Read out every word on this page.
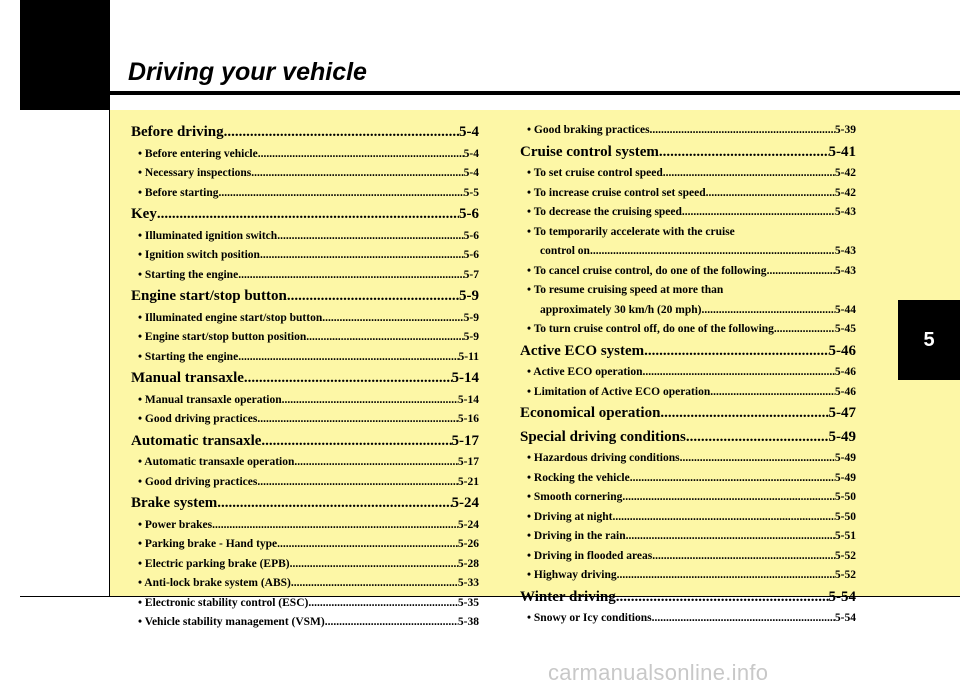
Driving your vehicle
5
Before driving .....	5-4
• Before entering vehicle .....	5-4
• Necessary inspections .....	5-4
• Before starting .....	5-5
Key .....	5-6
• Illuminated ignition switch .....	5-6
• Ignition switch position .....	5-6
• Starting the engine .....	5-7
Engine start/stop button .....	5-9
• Illuminated engine start/stop button .....	5-9
• Engine start/stop button position .....	5-9
• Starting the engine .....	5-11
Manual transaxle .....	5-14
• Manual transaxle operation .....	5-14
• Good driving practices .....	5-16
Automatic transaxle .....	5-17
• Automatic transaxle operation .....	5-17
• Good driving practices .....	5-21
Brake system .....	5-24
• Power brakes .....	5-24
• Parking brake - Hand type .....	5-26
• Electric parking brake (EPB) .....	5-28
• Anti-lock brake system (ABS) .....	5-33
• Electronic stability control (ESC) .....	5-35
• Vehicle stability management (VSM) .....	5-38
• Good braking practices .....	5-39
Cruise control system .....	5-41
• To set cruise control speed .....	5-42
• To increase cruise control set speed .....	5-42
• To decrease the cruising speed .....	5-43
• To temporarily accelerate with the cruise
control on .....	5-43
• To cancel cruise control, do one of the following .....	5-43
• To resume cruising speed at more than
approximately 30 km/h (20 mph) .....	5-44
• To turn cruise control off, do one of the following .....	5-45
Active ECO system .....	5-46
• Active ECO operation .....	5-46
• Limitation of Active ECO operation .....	5-46
Economical operation .....	5-47
Special driving conditions .....	5-49
• Hazardous driving conditions .....	5-49
• Rocking the vehicle .....	5-49
• Smooth cornering .....	5-50
• Driving at night .....	5-50
• Driving in the rain .....	5-51
• Driving in flooded areas .....	5-52
• Highway driving .....	5-52
Winter driving .....	5-54
• Snowy or Icy conditions .....	5-54
carmanualsonline.info
